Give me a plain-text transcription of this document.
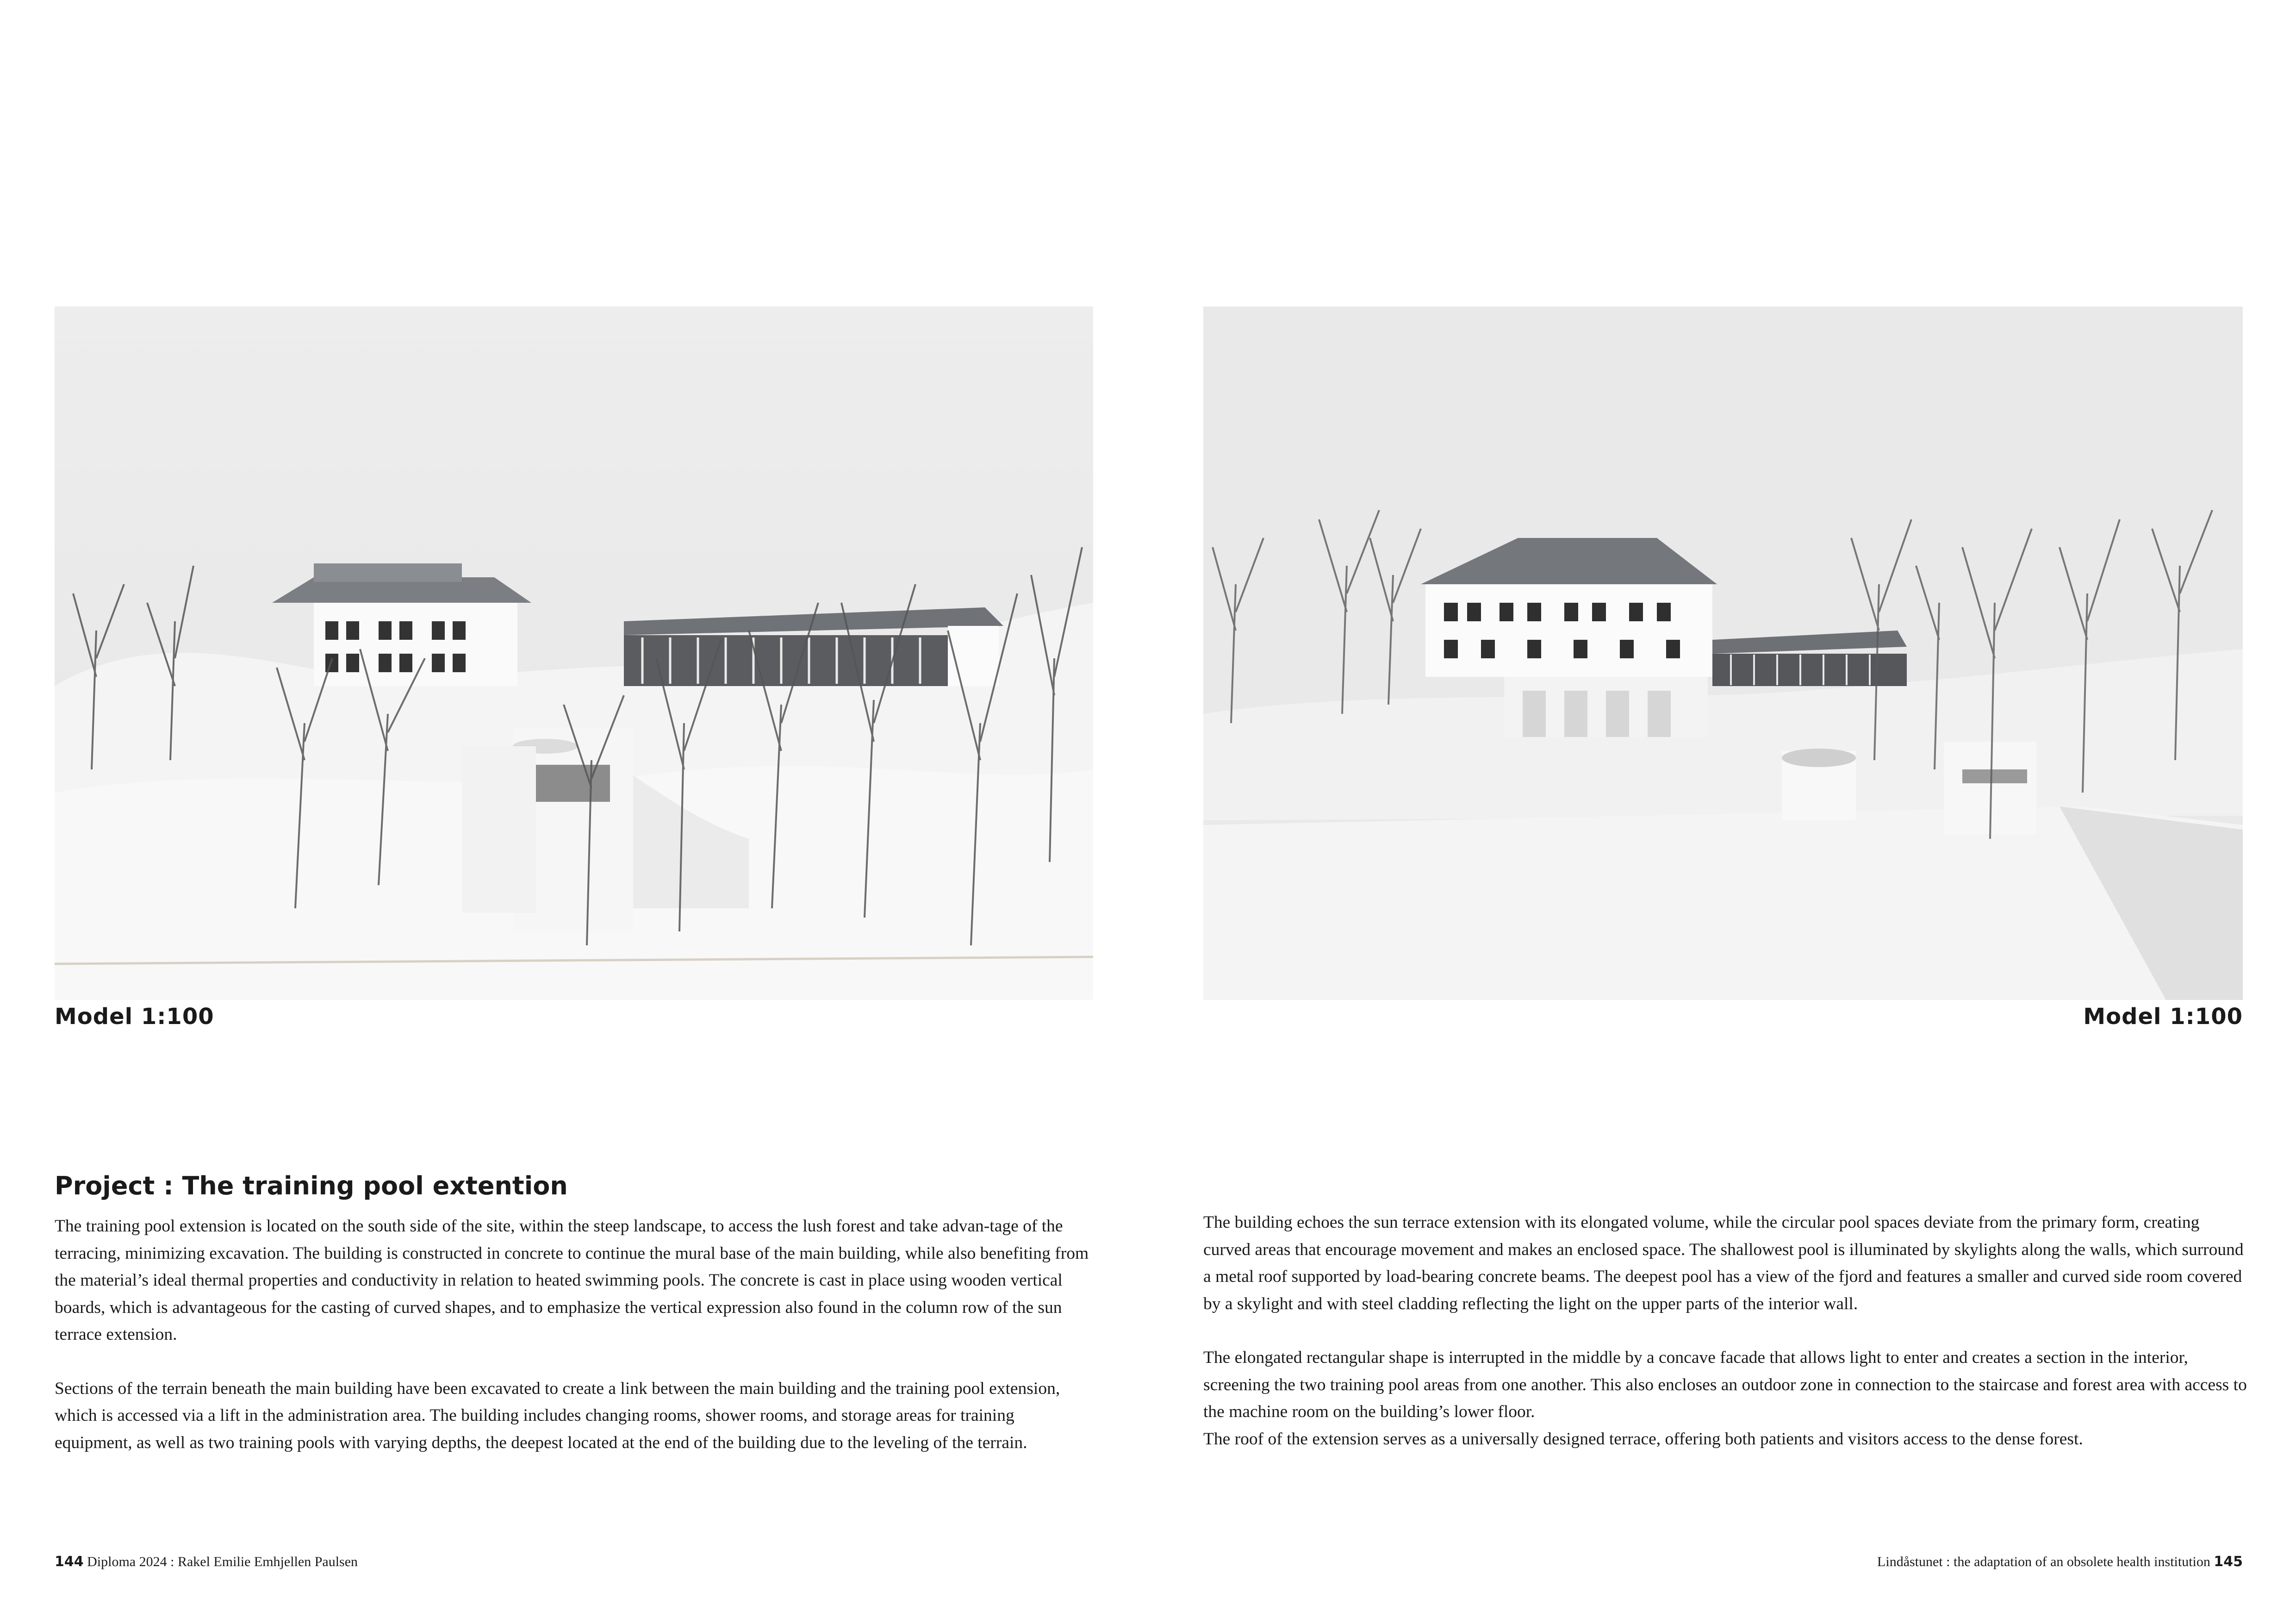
Model 1:100	Model 1:100
Project : The training pool extention

The training pool extension is located on the south side of the site, within the steep landscape, to access the lush forest and take advan-tage of the terracing, minimizing excavation. The building is constructed in concrete to continue the mural base of the main building, while also benefiting from the material’s ideal thermal properties and conductivity in relation to heated swimming pools. The concrete is cast in place using wooden vertical boards, which is advantageous for the casting of curved shapes, and to emphasize the vertical expression also found in the column row of the sun terrace extension.

Sections of the terrain beneath the main building have been excavated to create a link between the main building and the training pool extension, which is accessed via a lift in the administration area. The building includes changing rooms, shower rooms, and storage areas for training equipment, as well as two training pools with varying depths, the deepest located at the end of the building due to the leveling of the terrain.

The building echoes the sun terrace extension with its elongated volume, while the circular pool spaces deviate from the primary form, creating curved areas that encourage movement and makes an enclosed space. The shallowest pool is illuminated by skylights along the walls, which surround a metal roof supported by load-bearing concrete beams. The deepest pool has a view of the fjord and features a smaller and curved side room covered by a skylight and with steel cladding reflecting the light on the upper parts of the interior wall.

The elongated rectangular shape is interrupted in the middle by a concave facade that allows light to enter and creates a section in the interior, screening the two training pool areas from one another. This also encloses an outdoor zone in connection to the staircase and forest area with access to the machine room on the building’s lower floor.

The roof of the extension serves as a universally designed terrace, offering both patients and visitors access to the dense forest.

144 Diploma 2024 : Rakel Emilie Emhjellen Paulsen	Lindåstunet : the adaptation of an obsolete health institution 145
